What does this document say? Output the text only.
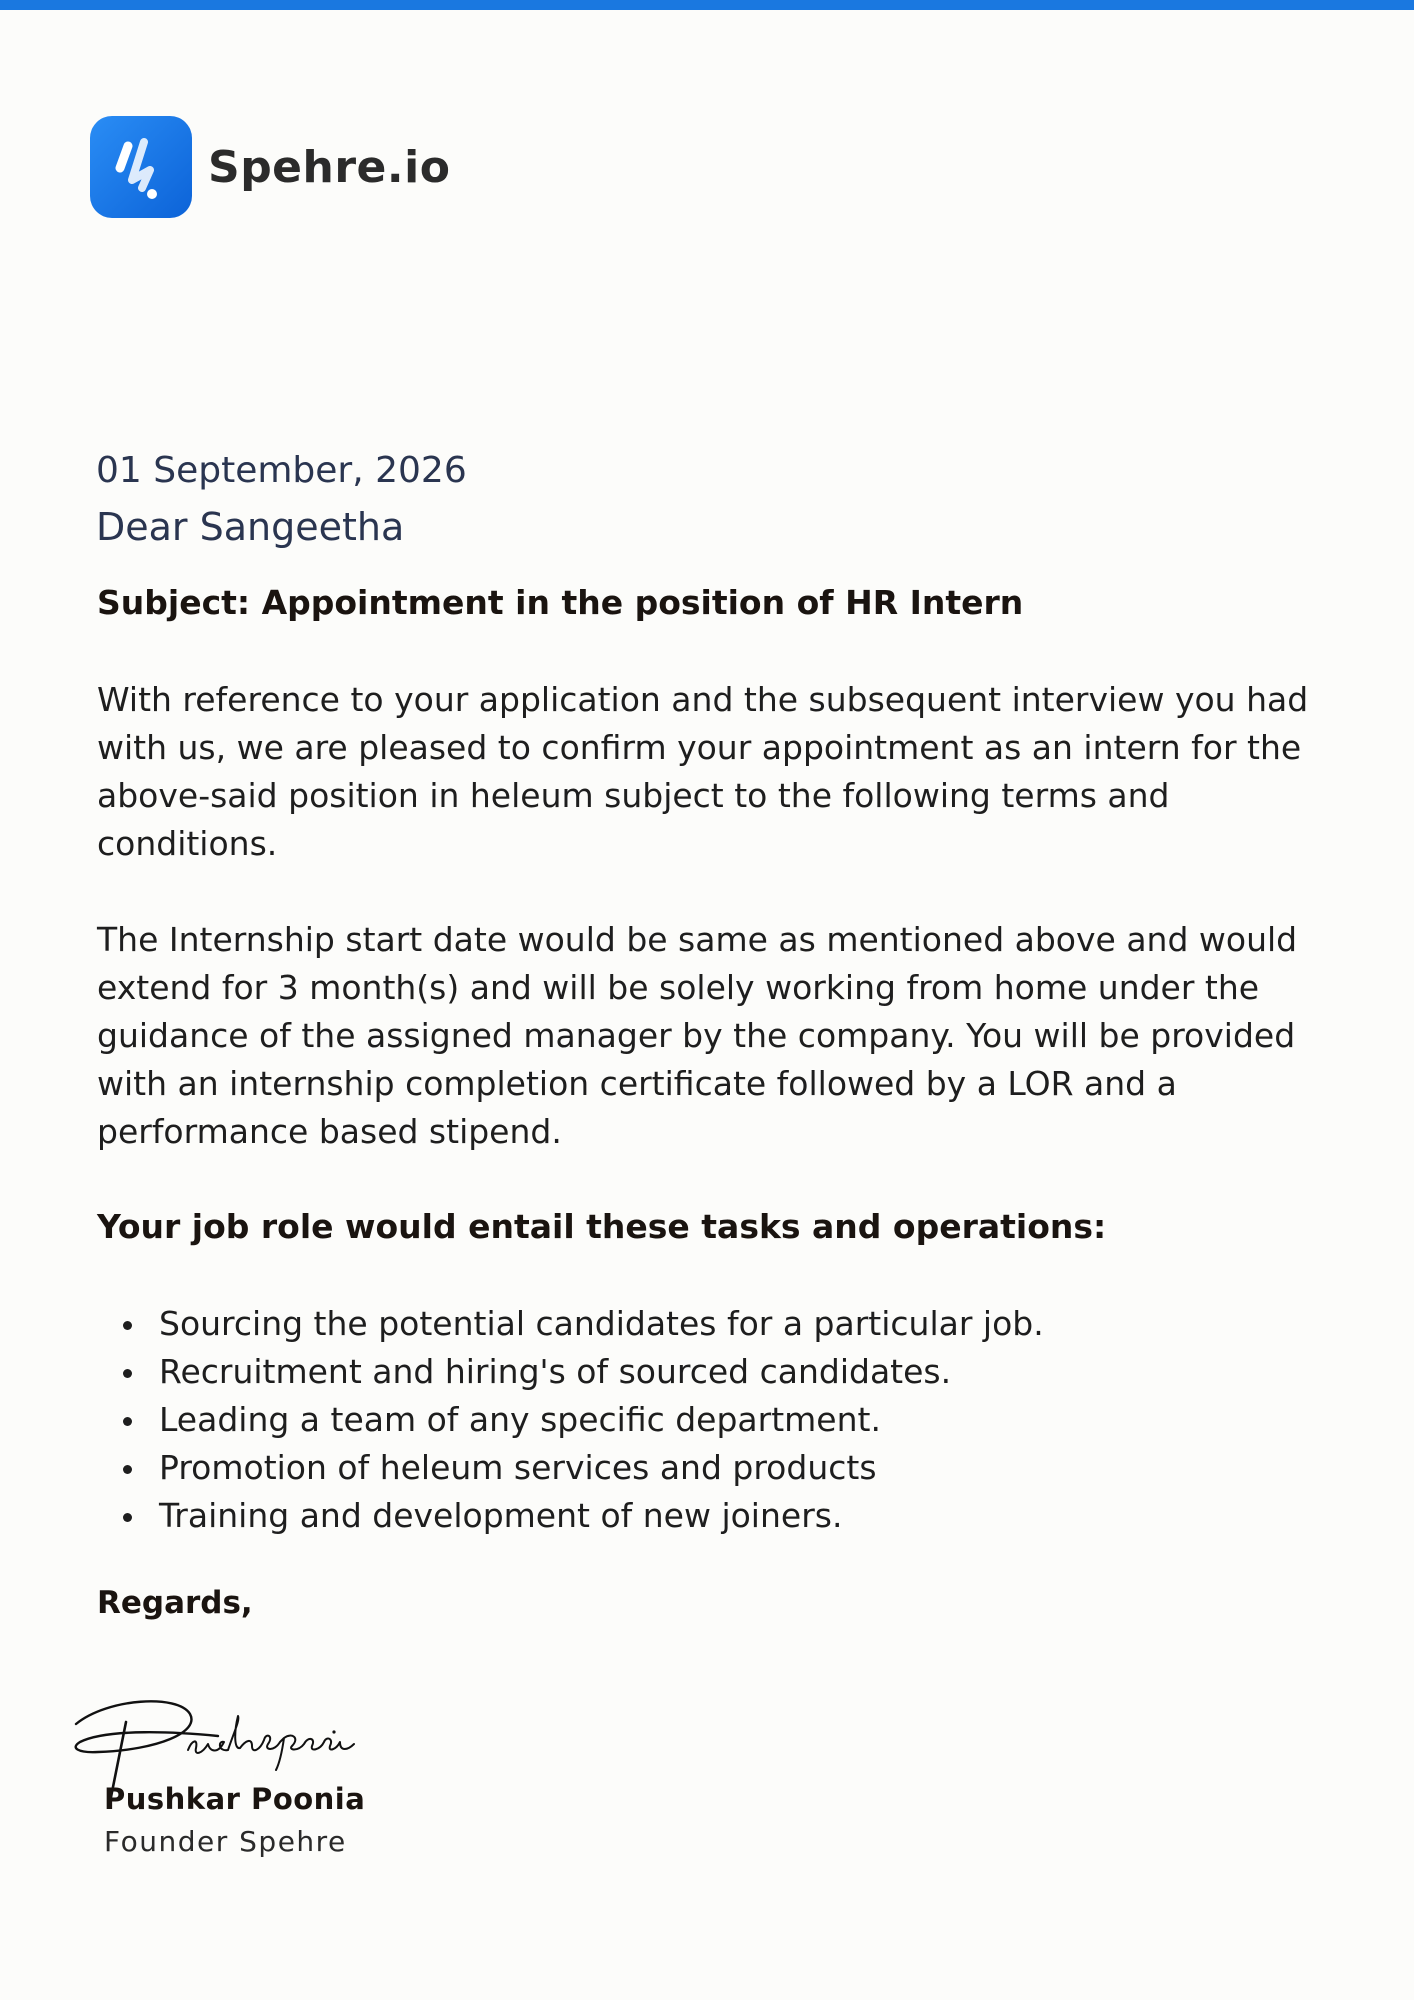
Spehre.io
01 September, 2026
Dear Sangeetha
Subject: Appointment in the position of HR Intern

With reference to your application and the subsequent interview you had with us, we are pleased to confirm your appointment as an intern for the above-said position in heleum subject to the following terms and conditions.

The Internship start date would be same as mentioned above and would extend for 3 month(s) and will be solely working from home under the guidance of the assigned manager by the company. You will be provided with an internship completion certificate followed by a LOR and a performance based stipend.

Your job role would entail these tasks and operations:
Sourcing the potential candidates for a particular job.
Recruitment and hiring's of sourced candidates.
Leading a team of any specific department.
Promotion of heleum services and products
Training and development of new joiners.
Regards,
Pushkar Poonia
Founder Spehre
